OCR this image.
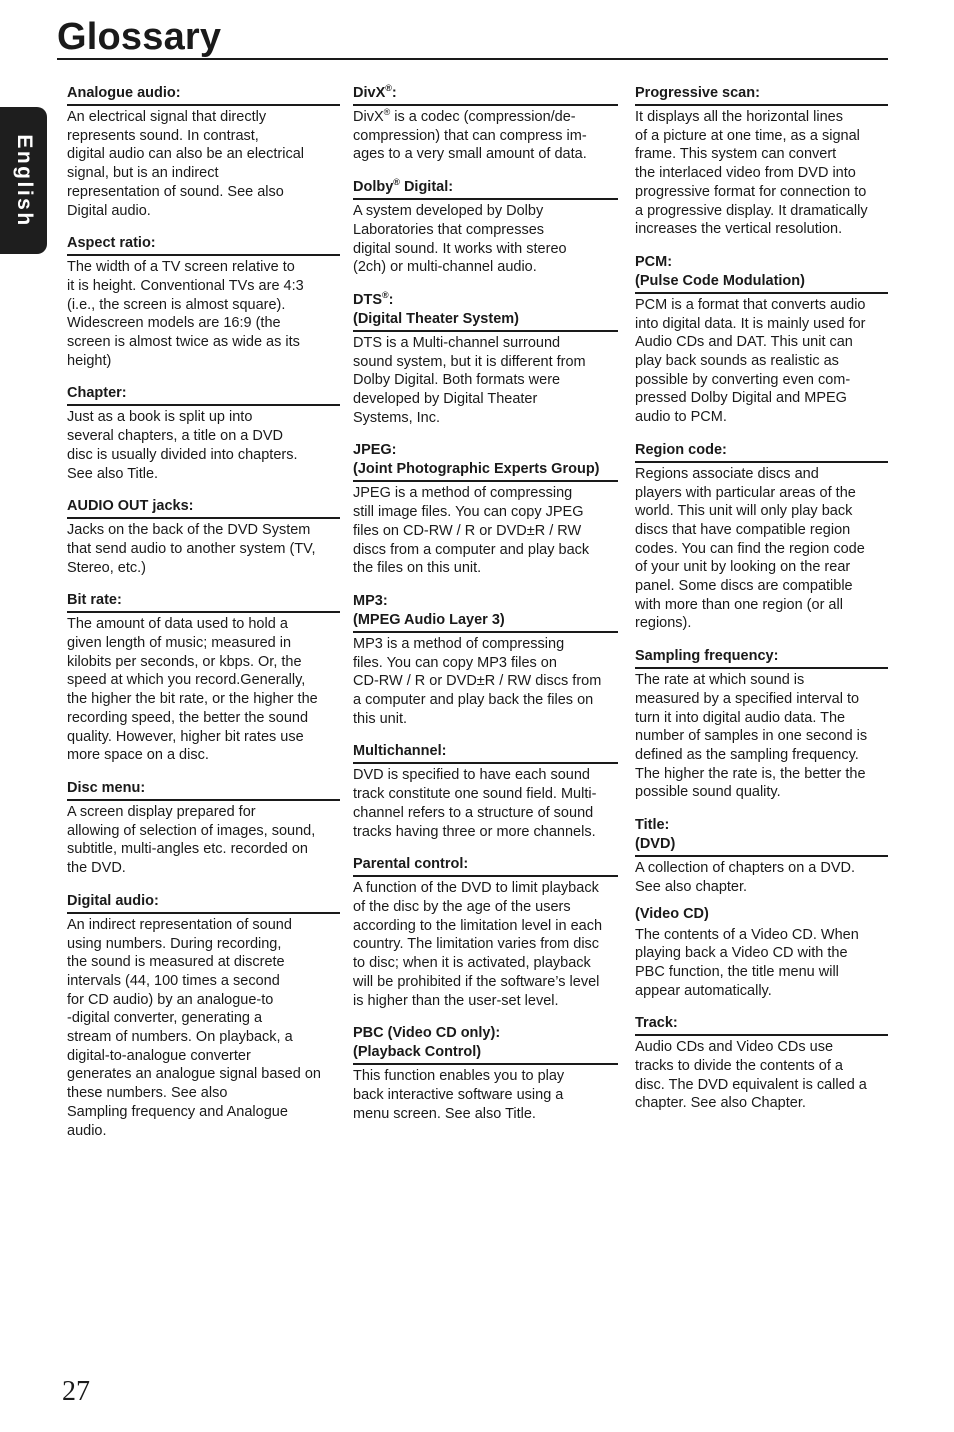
Glossary
English
Analogue audio:

An electrical signal that directly
represents sound. In contrast,
digital audio can also be an electrical
signal, but is an indirect
representation of sound. See also
Digital audio.

Aspect ratio:

The width of a TV screen relative to
it is height. Conventional TVs are 4:3
(i.e., the screen is almost square).
Widescreen models are 16:9 (the
screen is almost twice as wide as its
height)

Chapter:

Just as a book is split up into
several chapters, a title on a DVD
disc is usually divided into chapters.
See also Title.

AUDIO OUT jacks:

Jacks on the back of the DVD System
that send audio to another system (TV,
Stereo, etc.)

Bit rate:

The amount of data used to hold a
given length of music; measured in
kilobits per seconds, or kbps. Or, the
speed at which you record.Generally,
the higher the bit rate, or the higher the
recording speed, the better the sound
quality. However, higher bit rates use
more space on a disc.

Disc menu:

A screen display prepared for
allowing of selection of images, sound,
subtitle, multi-angles etc. recorded on
the DVD.

Digital audio:

An indirect representation of sound
using numbers. During recording,
the sound is measured at discrete
intervals (44, 100 times a second
for CD audio) by an analogue-to
-digital converter, generating a
stream of numbers. On playback, a
digital-to-analogue converter
generates an analogue signal based on
these numbers. See also
Sampling frequency and Analogue
audio.

DivX®:

DivX® is a codec (compression/de-
compression) that can compress im-
ages to a very small amount of data.

Dolby® Digital:

A system developed by Dolby
Laboratories that compresses
digital sound. It works with stereo
(2ch) or multi-channel audio.

DTS®:
(Digital Theater System)

DTS is a Multi-channel surround
sound system, but it is different from
Dolby Digital. Both formats were
developed by Digital Theater
Systems, Inc.

JPEG:
(Joint Photographic Experts Group)

JPEG is a method of compressing
still image files. You can copy JPEG
files on CD-RW / R or DVD±R / RW
discs from a computer and play back
the files on this unit.

MP3:
(MPEG Audio Layer 3)

MP3 is a method of compressing
files. You can copy MP3 files on
CD-RW / R or DVD±R / RW discs from
a computer and play back the files on
this unit.

Multichannel:

DVD is specified to have each sound
track constitute one sound field. Multi-
channel refers to a structure of sound
tracks having three or more channels.

Parental control:

A function of the DVD to limit playback
of the disc by the age of the users
according to the limitation level in each
country. The limitation varies from disc
to disc; when it is activated, playback
will be prohibited if the software’s level
is higher than the user-set level.

PBC (Video CD only):
(Playback Control)

This function enables you to play
back interactive software using a
menu screen. See also Title.

Progressive scan:

It displays all the horizontal lines
of a picture at one time, as a signal
frame. This system can convert
the interlaced video from DVD into
progressive format for connection to
a progressive display. It dramatically
increases the vertical resolution.

PCM:
(Pulse Code Modulation)

PCM is a format that converts audio
into digital data. It is mainly used for
Audio CDs and DAT. This unit can
play back sounds as realistic as
possible by converting even com-
pressed Dolby Digital and MPEG
audio to PCM.

Region code:

Regions associate discs and
players with particular areas of the
world. This unit will only play back
discs that have compatible region
codes. You can find the region code
of your unit by looking on the rear
panel. Some discs are compatible
with more than one region (or all
regions).

Sampling frequency:

The rate at which sound is
measured by a specified interval to
turn it into digital audio data. The
number of samples in one second is
defined as the sampling frequency.
The higher the rate is, the better the
possible sound quality.

Title:
(DVD)

A collection of chapters on a DVD.
See also chapter.

(Video CD)

The contents of a Video CD. When
playing back a Video CD with the
PBC function, the title menu will
appear automatically.

Track:

Audio CDs and Video CDs use
tracks to divide the contents of a
disc. The DVD equivalent is called a
chapter. See also Chapter.

27
